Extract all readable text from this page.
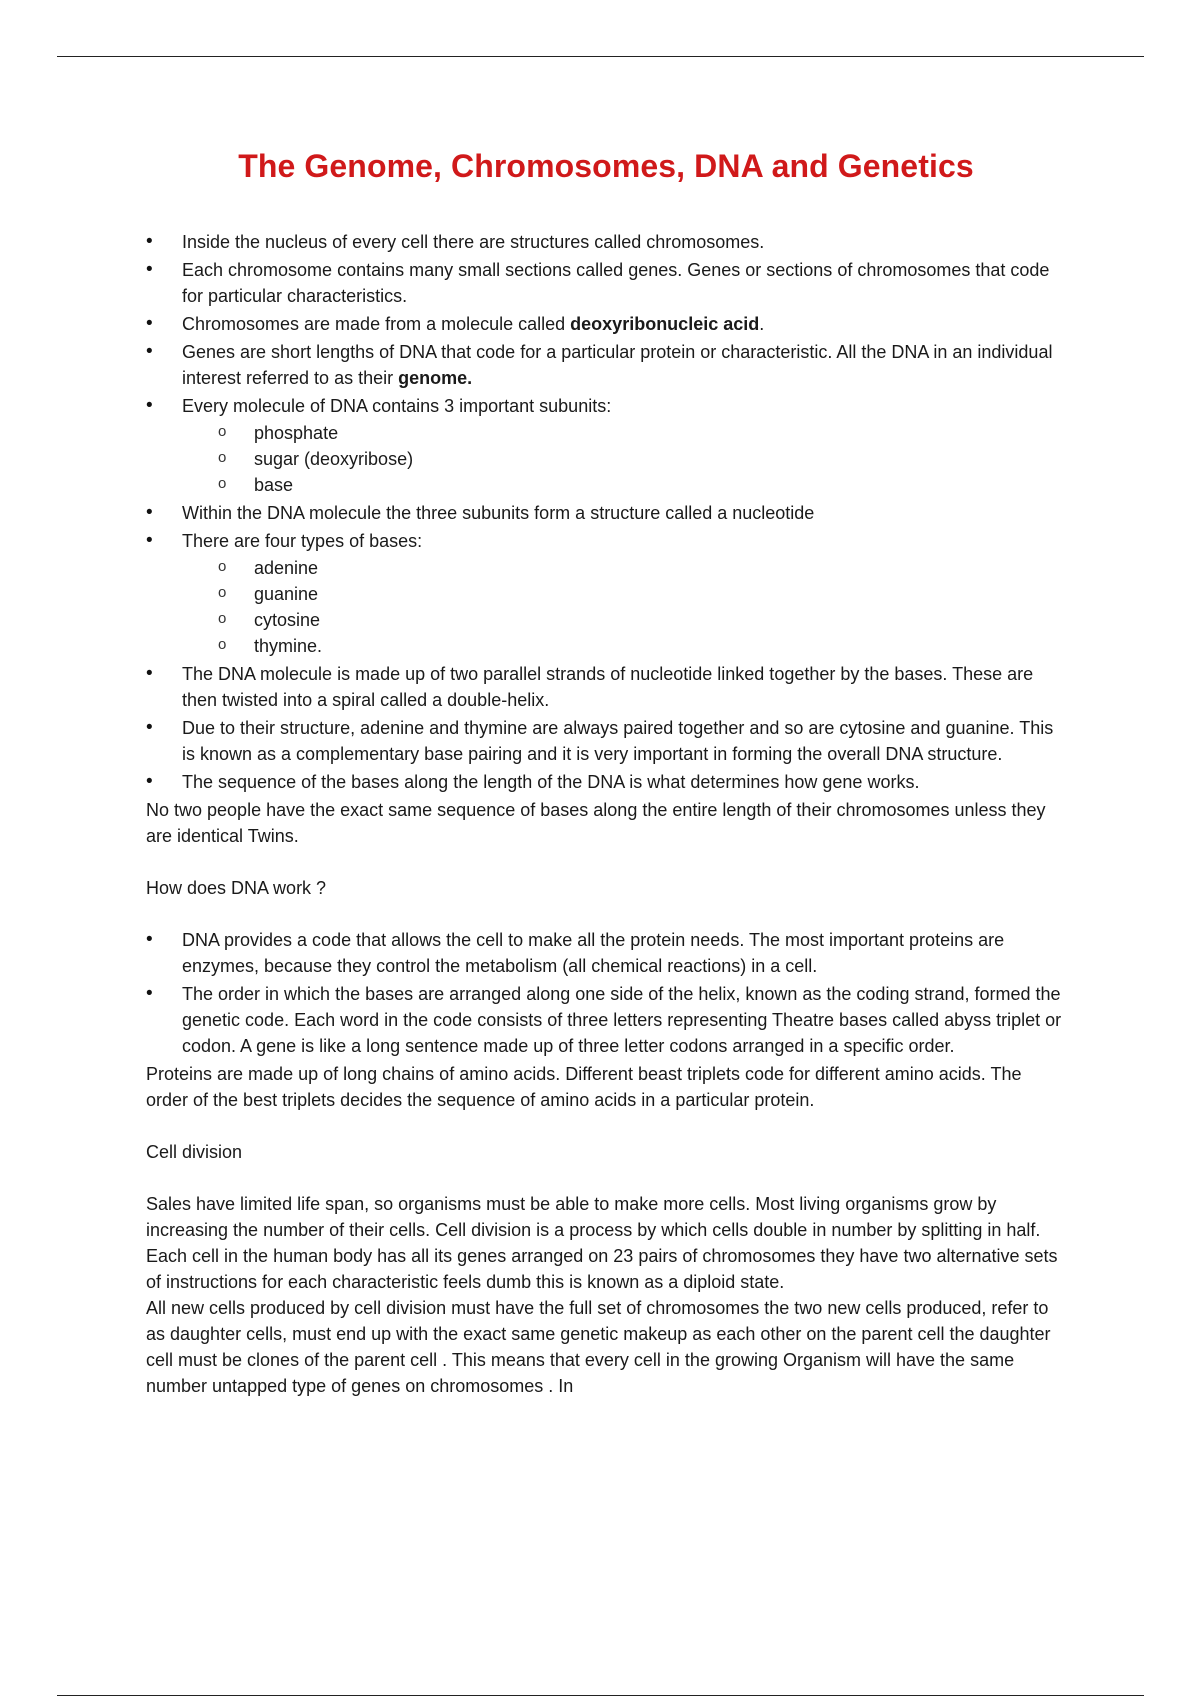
The Genome, Chromosomes, DNA and Genetics
• Inside the nucleus of every cell there are structures called chromosomes.
• Each chromosome contains many small sections called genes. Genes or sections of chromosomes that code for particular characteristics.
• Chromosomes are made from a molecule called deoxyribonucleic acid.
• Genes are short lengths of DNA that code for a particular protein or characteristic. All the DNA in an individual interest referred to as their genome.
• Every molecule of DNA contains 3 important subunits:
o phosphate
o sugar (deoxyribose)
o base
• Within the DNA molecule the three subunits form a structure called a nucleotide
• There are four types of bases:
o adenine
o guanine
o cytosine
o thymine.
• The DNA molecule is made up of two parallel strands of nucleotide linked together by the bases. These are then twisted into a spiral called a double-helix.
• Due to their structure, adenine and thymine are always paired together and so are cytosine and guanine. This is known as a complementary base pairing and it is very important in forming the overall DNA structure.
• The sequence of the bases along the length of the DNA is what determines how gene works.

No two people have the exact same sequence of bases along the entire length of their chromosomes unless they are identical Twins.

How does DNA work ?

• DNA provides a code that allows the cell to make all the protein needs. The most important proteins are enzymes, because they control the metabolism (all chemical reactions) in a cell.
• The order in which the bases are arranged along one side of the helix, known as the coding strand, formed the genetic code. Each word in the code consists of three letters representing Theatre bases called abyss triplet or codon. A gene is like a long sentence made up of three letter codons arranged in a specific order.

Proteins are made up of long chains of amino acids. Different beast triplets code for different amino acids. The order of the best triplets decides the sequence of amino acids in a particular protein.

Cell division

Sales have limited life span, so organisms must be able to make more cells. Most living organisms grow by increasing the number of their cells. Cell division is a process by which cells double in number by splitting in half.

Each cell in the human body has all its genes arranged on 23 pairs of chromosomes they have two alternative sets of instructions for each characteristic feels dumb this is known as a diploid state.

All new cells produced by cell division must have the full set of chromosomes the two new cells produced, refer to as daughter cells, must end up with the exact same genetic makeup as each other on the parent cell the daughter cell must be clones of the parent cell . This means that every cell in the growing Organism will have the same number untapped type of genes on chromosomes . In
